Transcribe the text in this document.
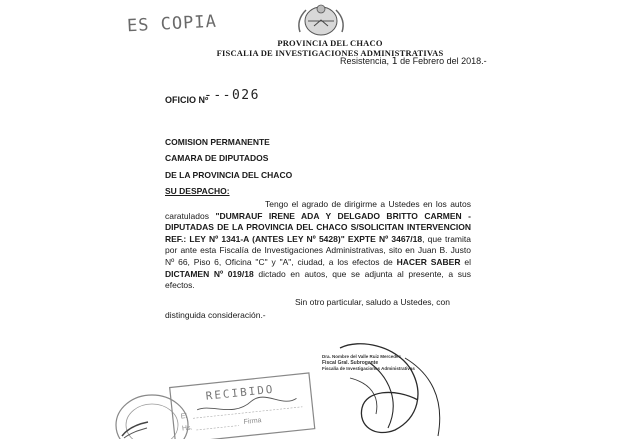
ES COPIA
PROVINCIA DEL CHACO
FISCALIA DE INVESTIGACIONES ADMINISTRATIVAS
Resistencia, 1 de Febrero del 2018.-
OFICIO Nº
---026
COMISION PERMANENTE
CAMARA DE DIPUTADOS
DE LA PROVINCIA DEL CHACO
SU DESPACHO:
Tengo el agrado de dirigirme a Ustedes en los autos caratulados "DUMRAUF IRENE ADA Y DELGADO BRITTO CARMEN -DIPUTADAS DE LA PROVINCIA DEL CHACO S/SOLICITAN INTERVENCION REF.: LEY Nº 1341-A (ANTES LEY Nº 5428)" EXPTE Nº 3467/18, que tramita por ante esta Fiscalía de Investigaciones Administrativas, sito en Juan B. Justo Nº 66, Piso 6, Oficina "C" y "A", ciudad, a los efectos de HACER SABER el DICTAMEN Nº 019/18 dictado en autos, que se adjunta al presente, a sus efectos.
Sin otro particular, saludo a Ustedes, con
distinguida consideración.-
Dra. Nombre del Valle Ruiz Mercedes
Fiscal Gral. Subrogante
Fiscalía de Investigaciones Administrativas
RECIBIDO
El
Hs.
Firma
